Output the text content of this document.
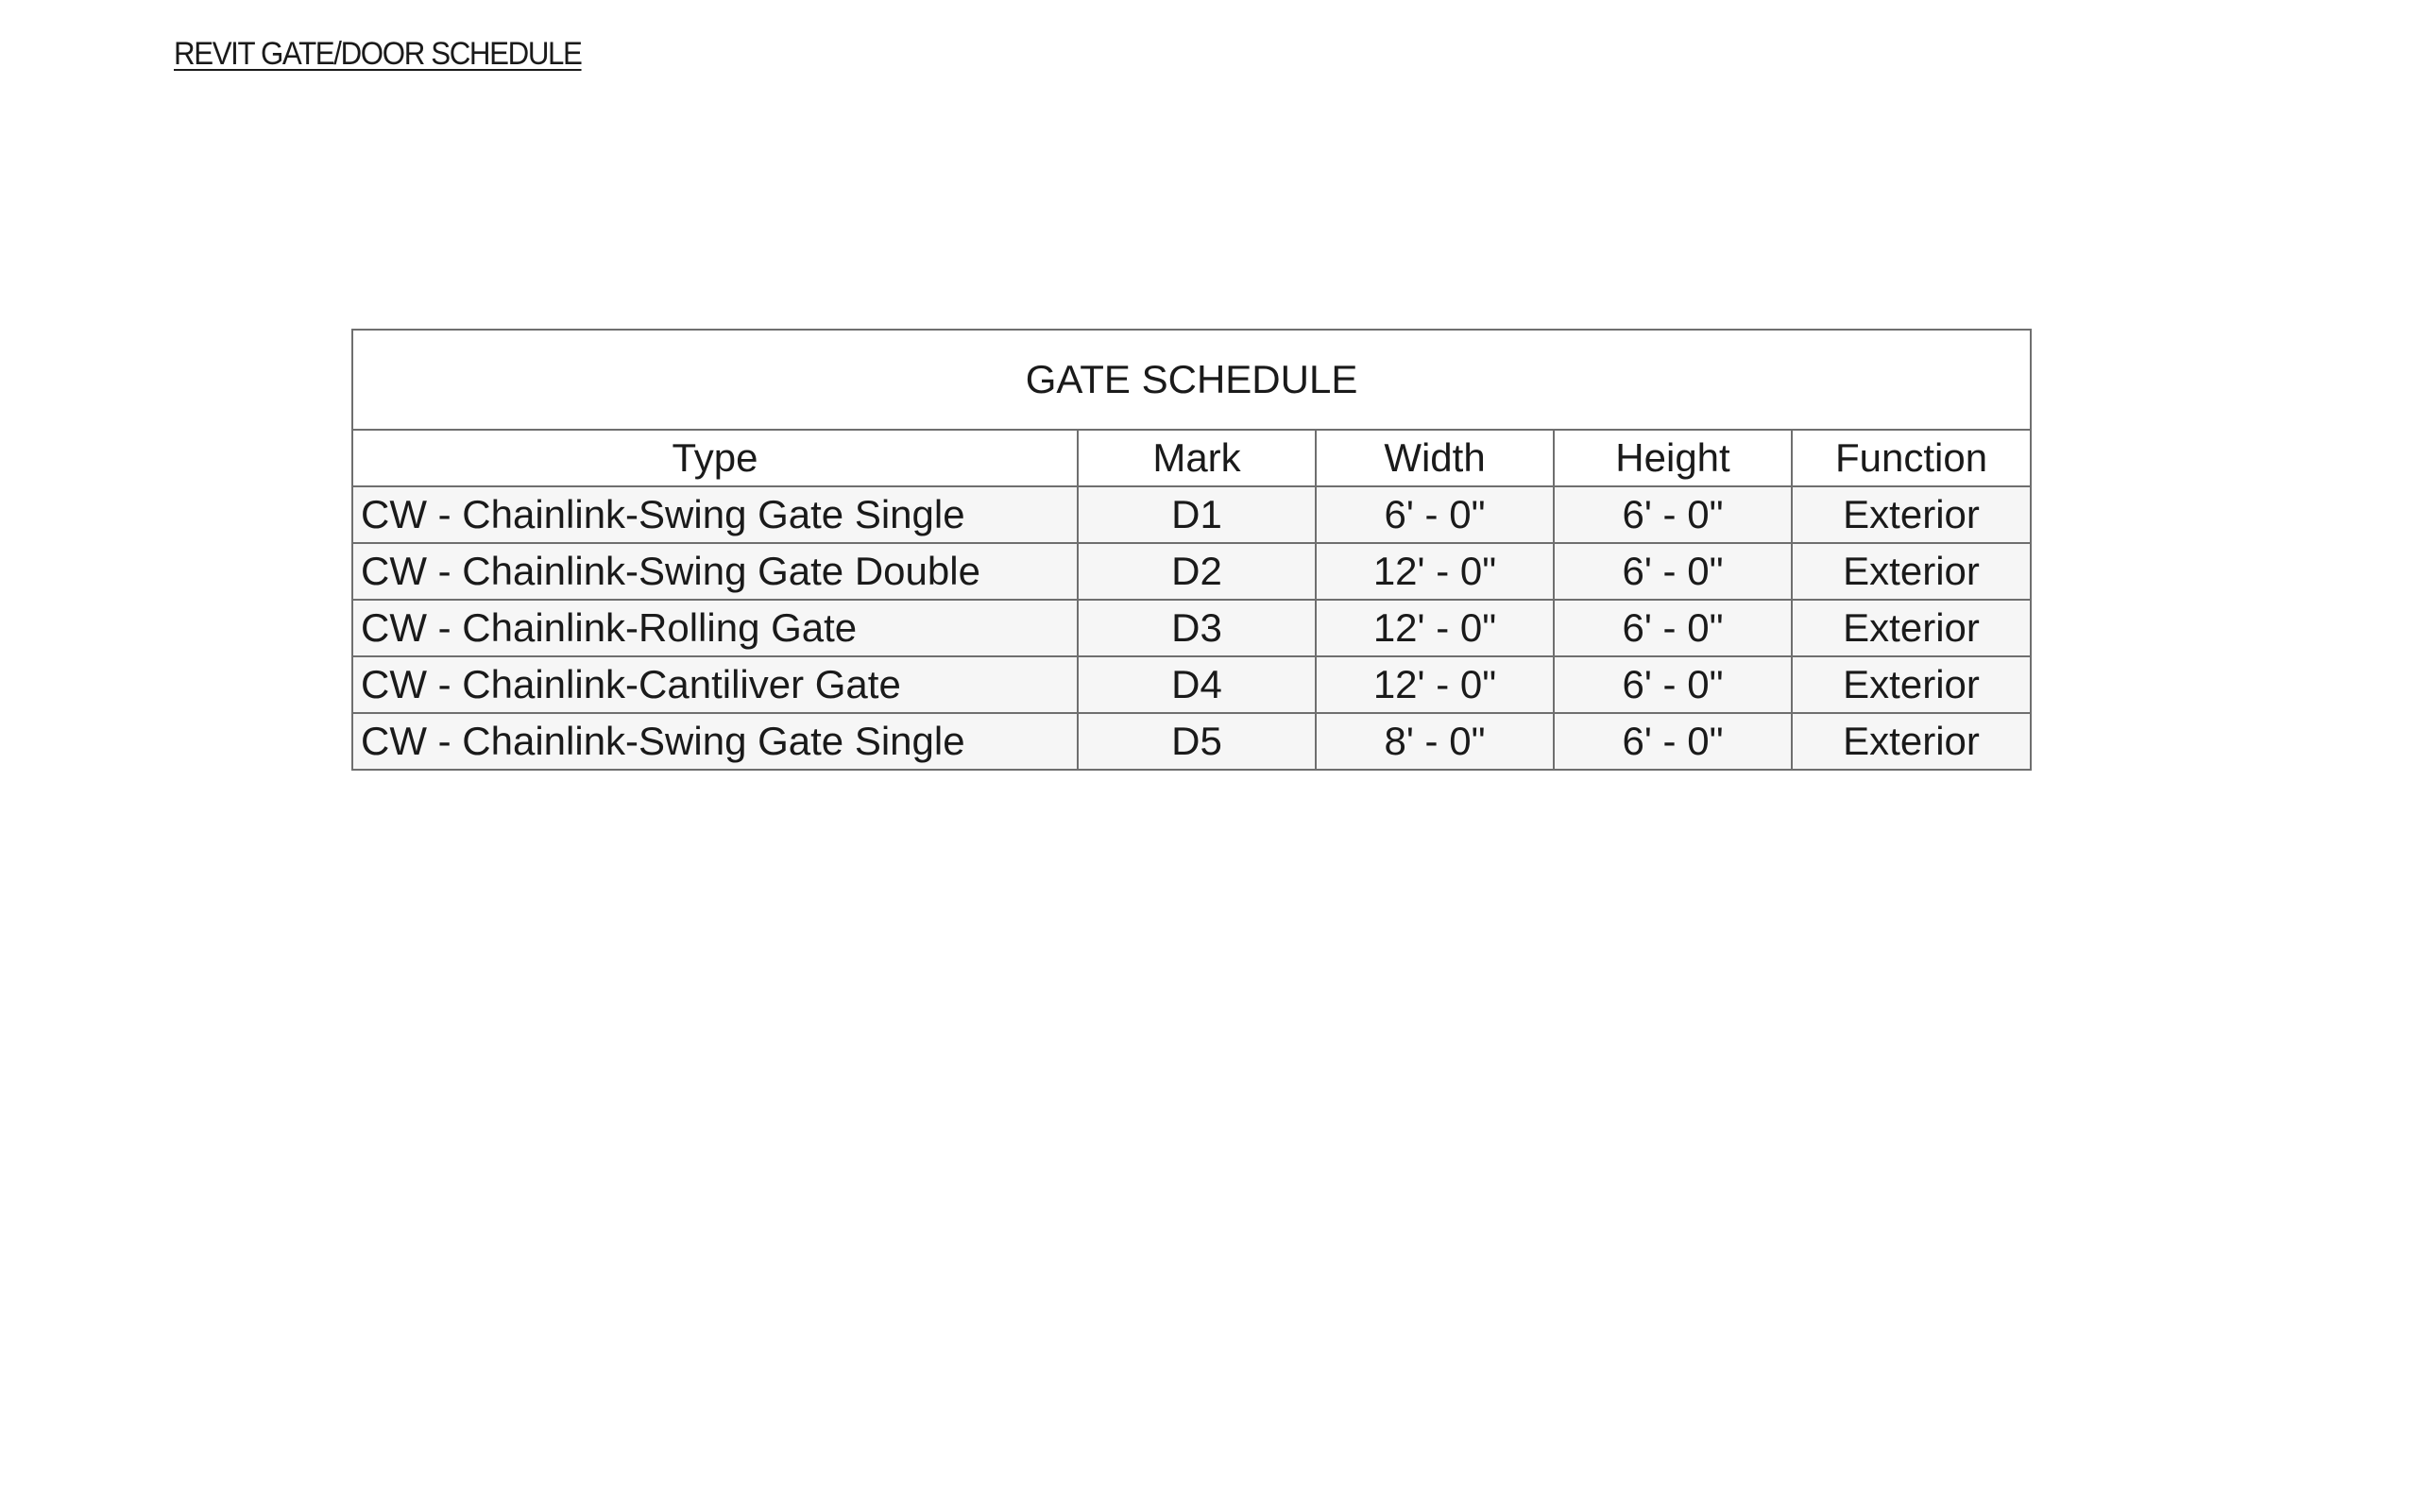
REVIT GATE/DOOR SCHEDULE
GATE SCHEDULE				
Type	Mark	Width	Height	Function
CW - Chainlink-Swing Gate Single	D1	6' - 0"	6' - 0"	Exterior
CW - Chainlink-Swing Gate Double	D2	12' - 0"	6' - 0"	Exterior
CW - Chainlink-Rolling Gate	D3	12' - 0"	6' - 0"	Exterior
CW - Chainlink-Cantiliver Gate	D4	12' - 0"	6' - 0"	Exterior
CW - Chainlink-Swing Gate Single	D5	8' - 0"	6' - 0"	Exterior
